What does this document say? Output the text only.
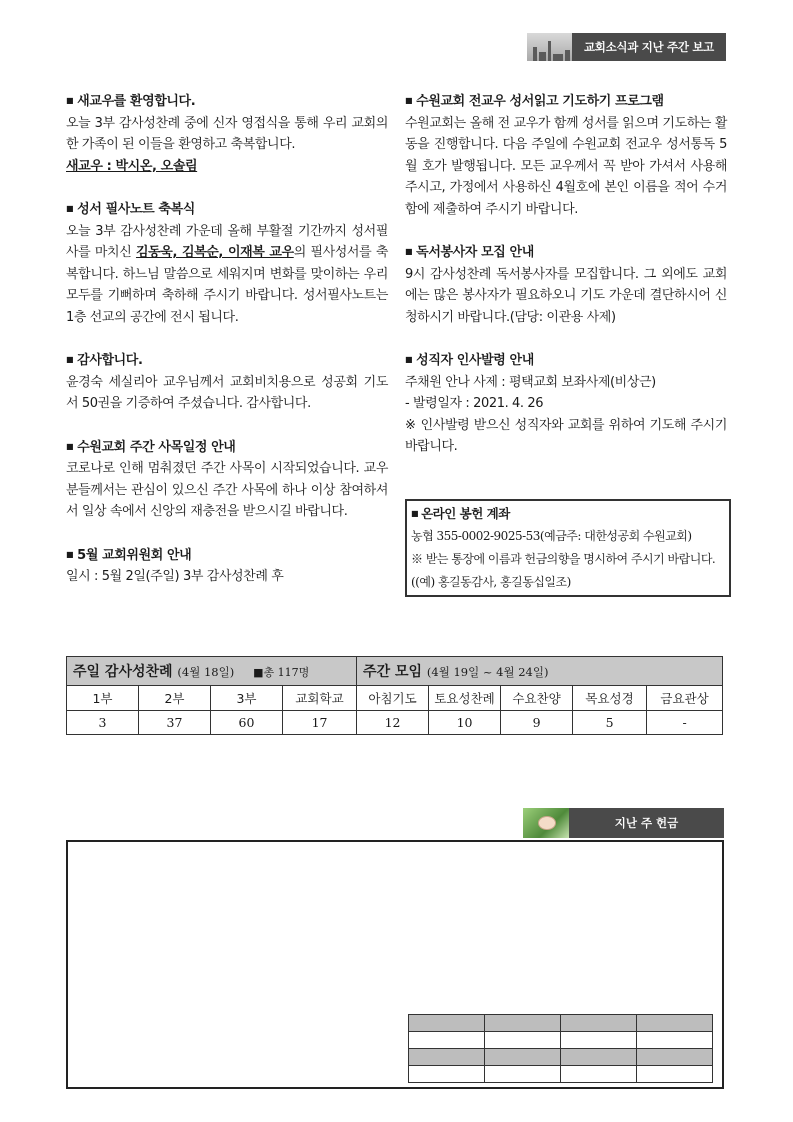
교회소식과 지난 주간 보고
■ 새교우를 환영합니다.

오늘 3부 감사성찬례 중에 신자 영접식을 통해 우리 교회의 한 가족이 된 이들을 환영하고 축복합니다.

새교우 : 박시온, 오솔림

■ 성서 필사노트 축복식

오늘 3부 감사성찬례 가운데 올해 부활절 기간까지 성서필사를 마치신 김동욱, 김복순, 이재복 교우의 필사성서를 축복합니다. 하느님 말씀으로 세워지며 변화를 맞이하는 우리 모두를 기뻐하며 축하해 주시기 바랍니다. 성서필사노트는 1층 선교의 공간에 전시 됩니다.

■ 감사합니다.

윤경숙 세실리아 교우님께서 교회비치용으로 성공회 기도서 50권을 기증하여 주셨습니다. 감사합니다.

■ 수원교회 주간 사목일정 안내

코로나로 인해 멈춰졌던 주간 사목이 시작되었습니다. 교우분들께서는 관심이 있으신 주간 사목에 하나 이상 참여하셔서 일상 속에서 신앙의 재충전을 받으시길 바랍니다.

■ 5월 교회위원회 안내

일시 : 5월 2일(주일) 3부 감사성찬례 후

■ 수원교회 전교우 성서읽고 기도하기 프로그램

수원교회는 올해 전 교우가 함께 성서를 읽으며 기도하는 활동을 진행합니다. 다음 주일에 수원교회 전교우 성서통독 5월 호가 발행됩니다. 모든 교우께서 꼭 받아 가셔서 사용해 주시고, 가정에서 사용하신 4월호에 본인 이름을 적어 수거함에 제출하여 주시기 바랍니다.

■ 독서봉사자 모집 안내

9시 감사성찬례 독서봉사자를 모집합니다. 그 외에도 교회에는 많은 봉사자가 필요하오니 기도 가운데 결단하시어 신청하시기 바랍니다.(담당: 이관용 사제)

■ 성직자 인사발령 안내

주채원 안나 사제 : 평택교회 보좌사제(비상근)

- 발령일자 : 2021. 4. 26

※ 인사발령 받으신 성직자와 교회를 위하여 기도해 주시기 바랍니다.

■ 온라인 봉헌 계좌

농협 355-0002-9025-53(예금주: 대한성공회 수원교회)

※ 받는 통장에 이름과 헌금의향을 명시하여 주시기 바랍니다.((예) 홍길동감사, 홍길동십일조)

주일 감사성찬례 (4월 18일) ■총 117명				주간 모임 (4월 19일 ~ 4월 24일)				
1부	2부	3부	교회학교	아침기도	토요성찬례	수요찬양	목요성경	금요관상
3	37	60	17	12	10	9	5	-
지난 주 헌금
